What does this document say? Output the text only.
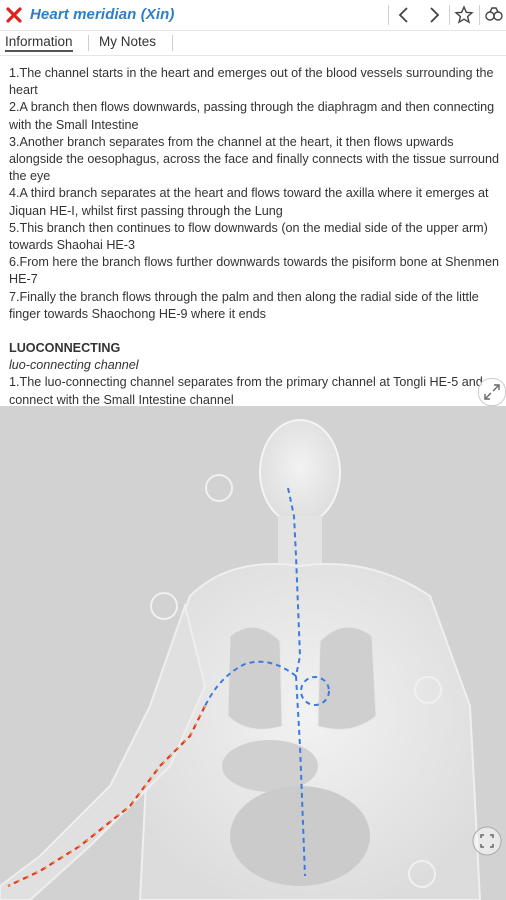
Heart meridian (Xin)
Information My Notes

1.The channel starts in the heart and emerges out of the blood vessels surrounding the heart

2.A branch then flows downwards, passing through the diaphragm and then connecting with the Small Intestine

3.Another branch separates from the channel at the heart, it then flows upwards alongside the oesophagus, across the face and finally connects with the tissue surround the eye

4.A third branch separates at the heart and flows toward the axilla where it emerges at Jiquan HE-I, whilst first passing through the Lung

5.This branch then continues to flow downwards (on the medial side of the upper arm) towards Shaohai HE-3

6.From here the branch flows further downwards towards the pisiform bone at Shenmen HE-7

7.Finally the branch flows through the palm and then along the radial side of the little finger towards Shaochong HE-9 where it ends

LUOCONNECTING

luo-connecting channel

1.The luo-connecting channel separates from the primary channel at Tongli HE-5 and connect with the Small Intestine channel
